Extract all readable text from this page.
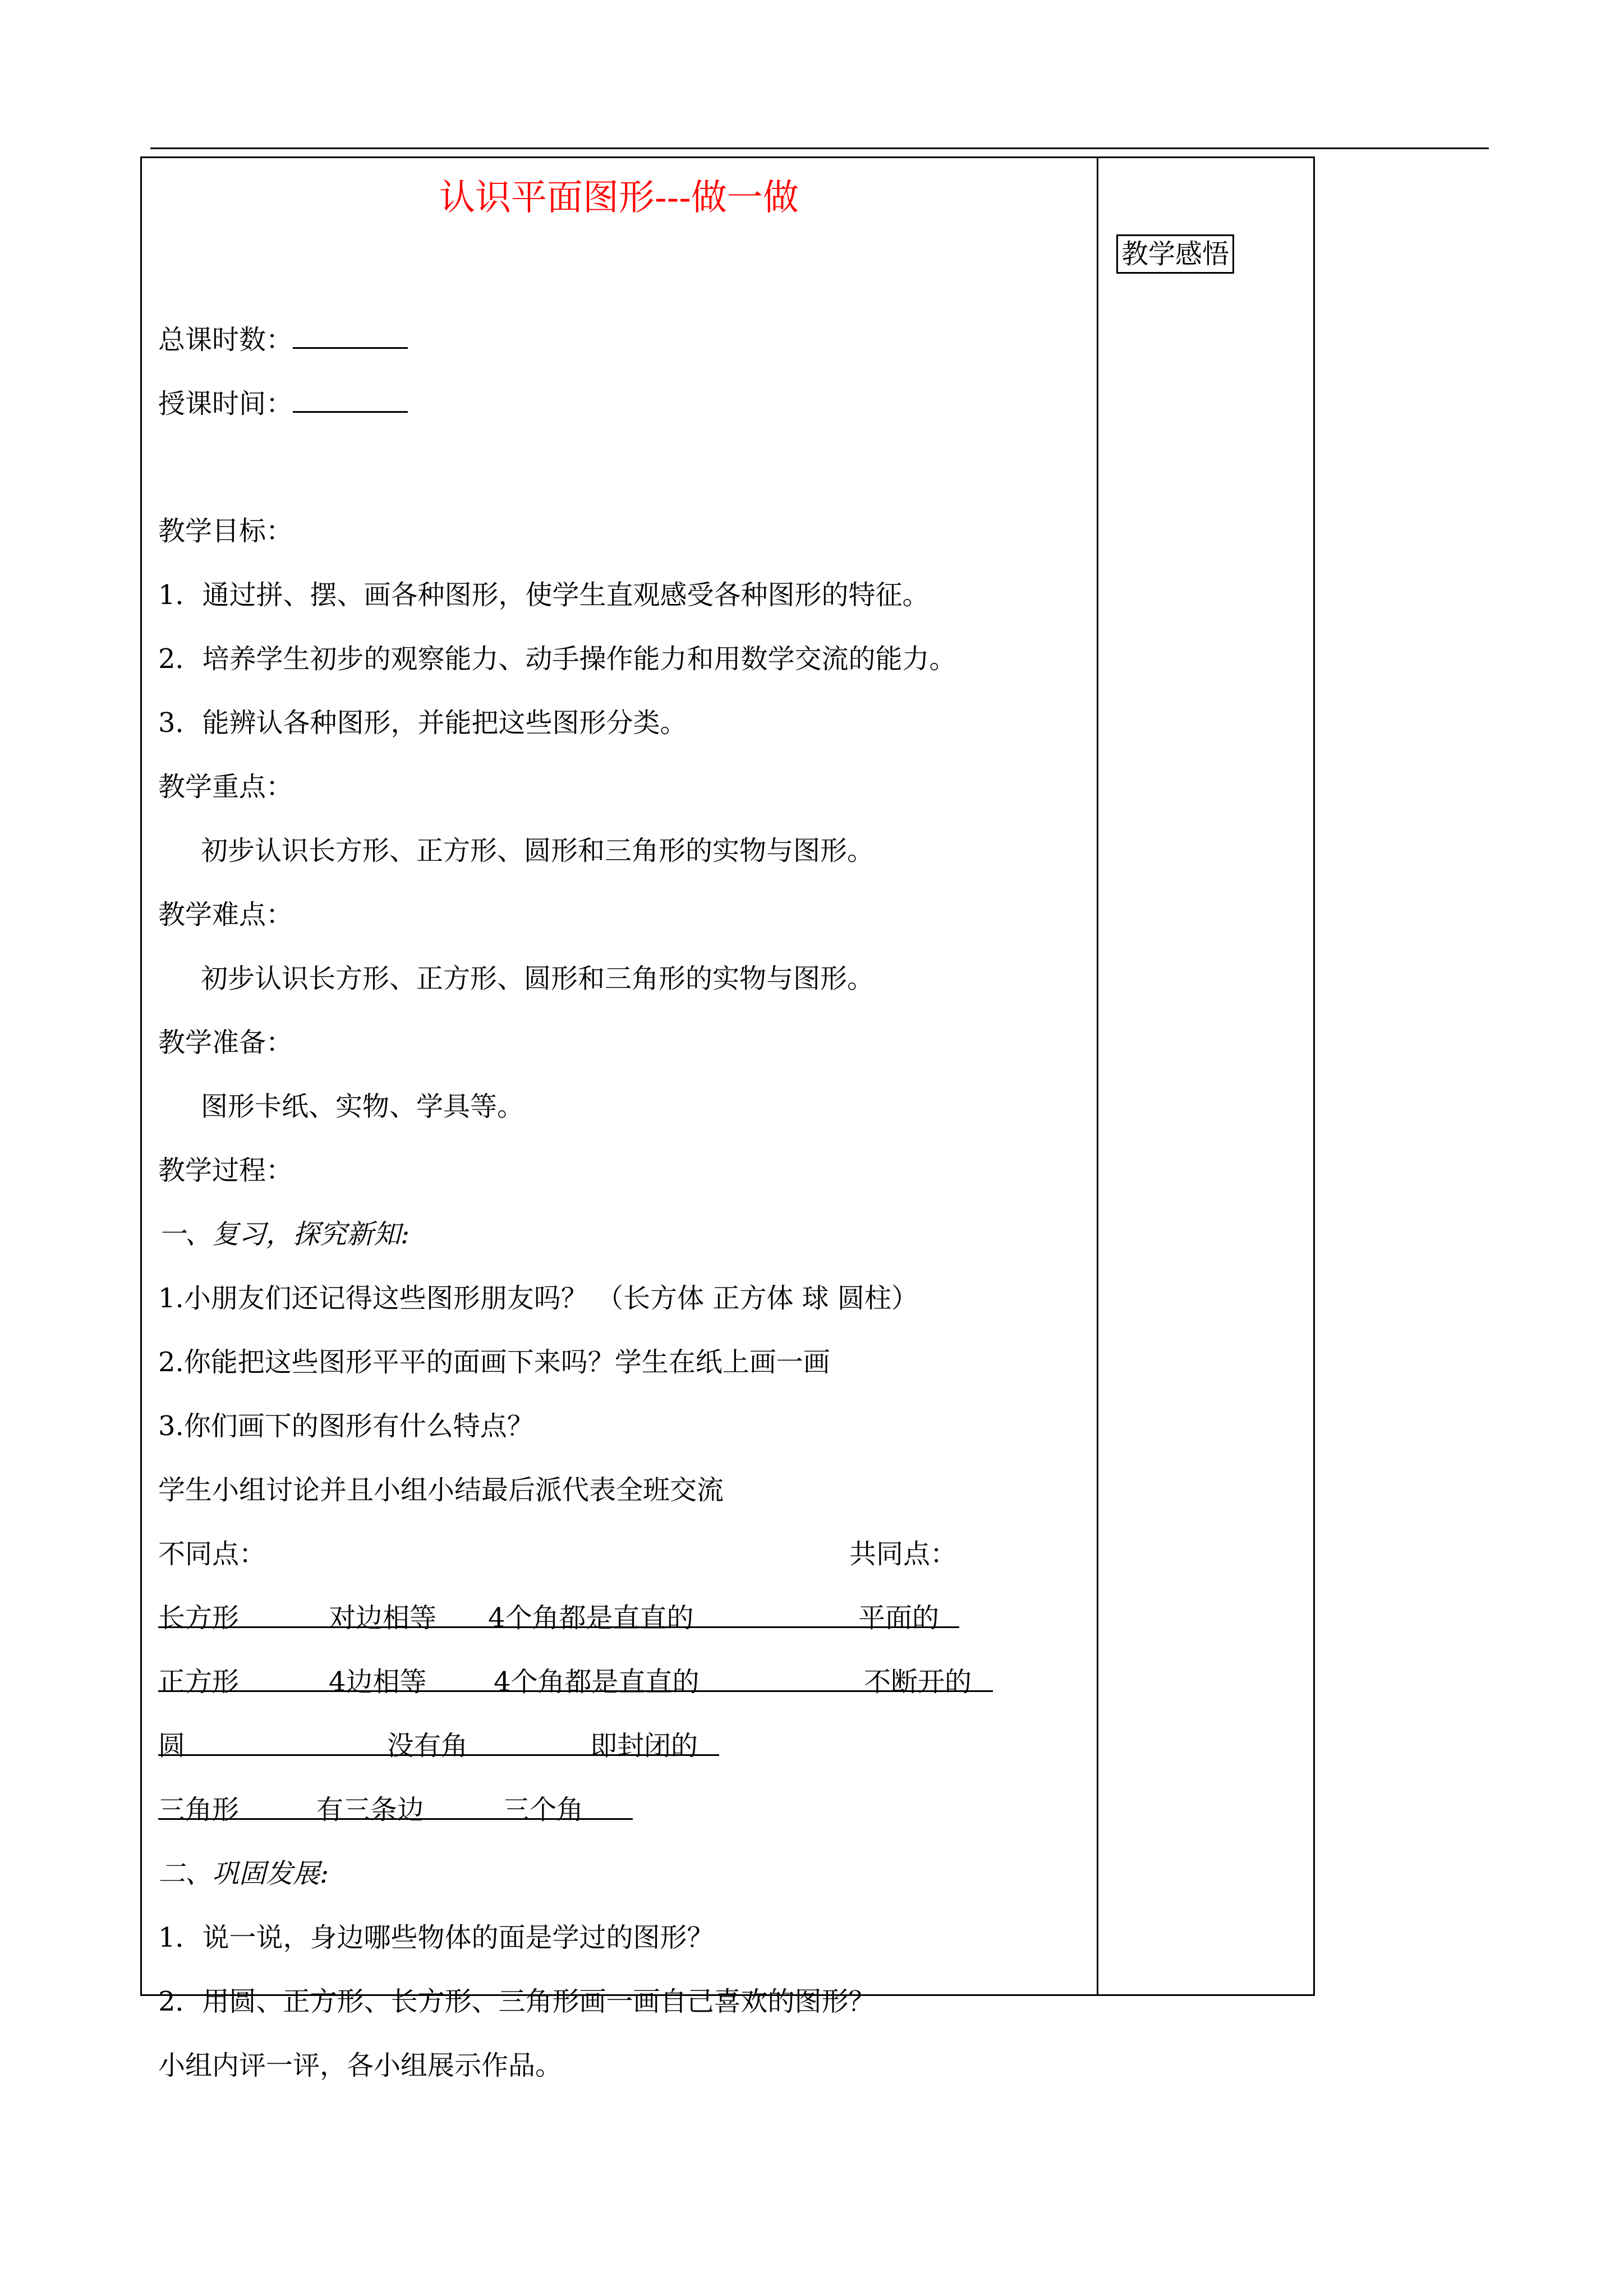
认识平面图形---做一做
教学感悟
总课时数：
授课时间：
教学目标：
1．通过拼、摆、画各种图形，使学生直观感受各种图形的特征。
2．培养学生初步的观察能力、动手操作能力和用数学交流的能力。
3．能辨认各种图形，并能把这些图形分类。
教学重点：
初步认识长方形、正方形、圆形和三角形的实物与图形。
教学难点：
初步认识长方形、正方形、圆形和三角形的实物与图形。
教学准备：
图形卡纸、实物、学具等。
教学过程：
一、复习，探究新知:
1.小朋友们还记得这些图形朋友吗？ （长方体 正方体 球 圆柱）
2.你能把这些图形平平的面画下来吗？学生在纸上画一画
3.你们画下的图形有什么特点？
学生小组讨论并且小组小结最后派代表全班交流
不同点：	共同点：
长方形	对边相等 4个角都是直直的	平面的
正方形	4边相等 4个角都是直直的	不断开的
圆	没有角	即封闭的
三角形	有三条边	三个角
二、巩固发展:
1．说一说，身边哪些物体的面是学过的图形？
2．用圆、正方形、长方形、三角形画一画自己喜欢的图形？
小组内评一评，各小组展示作品。
